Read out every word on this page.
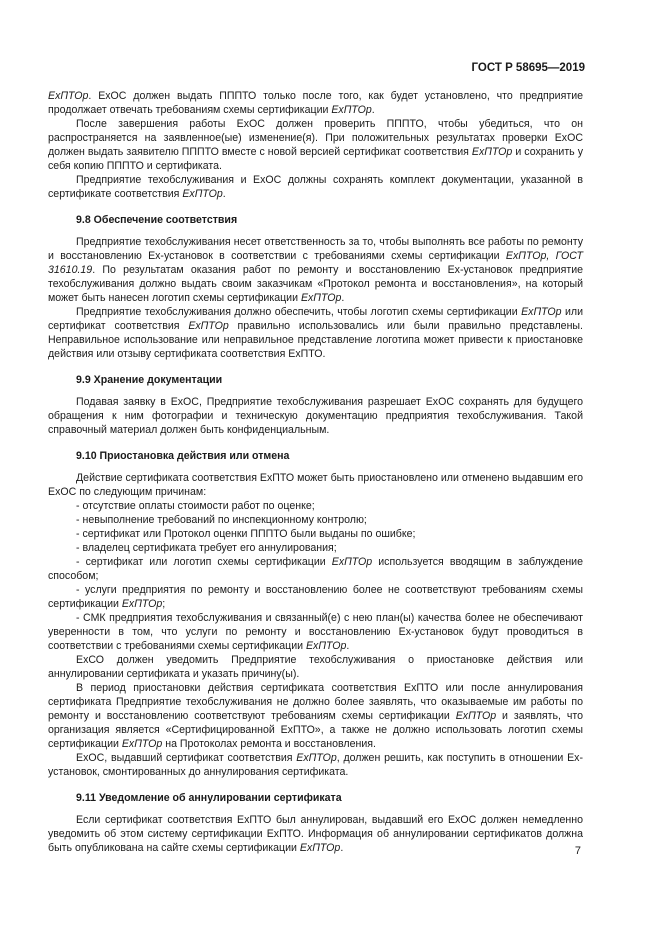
ГОСТ Р 58695—2019

ExПТОр. ExОС должен выдать ПППТО только после того, как будет установлено, что предприятие продолжает отвечать требованиям схемы сертификации ExПТОр.

После завершения работы ExОС должен проверить ПППТО, чтобы убедиться, что он распространяется на заявленное(ые) изменение(я). При положительных результатах проверки ExОС должен выдать заявителю ПППТО вместе с новой версией сертификат соответствия ExПТОр и сохранить у себя копию ПППТО и сертификата.

Предприятие техобслуживания и ExОС должны сохранять комплект документации, указанной в сертификате соответствия ExПТОр.

9.8 Обеспечение соответствия

Предприятие техобслуживания несет ответственность за то, чтобы выполнять все работы по ремонту и восстановлению Ех-установок в соответствии с требованиями схемы сертификации ExПТОр, ГОСТ 31610.19. По результатам оказания работ по ремонту и восстановлению Ех-установок предприятие техобслуживания должно выдать своим заказчикам «Протокол ремонта и восстановления», на который может быть нанесен логотип схемы сертификации ExПТОр.

Предприятие техобслуживания должно обеспечить, чтобы логотип схемы сертификации ExПТОр или сертификат соответствия ExПТОр правильно использовались или были правильно представлены. Неправильное использование или неправильное представление логотипа может привести к приостановке действия или отзыву сертификата соответствия ExПТО.

9.9 Хранение документации

Подавая заявку в ExОС, Предприятие техобслуживания разрешает ExОС сохранять для будущего обращения к ним фотографии и техническую документацию предприятия техобслуживания. Такой справочный материал должен быть конфиденциальным.

9.10 Приостановка действия или отмена

Действие сертификата соответствия ExПТО может быть приостановлено или отменено выдавшим его ExОС по следующим причинам:

- отсутствие оплаты стоимости работ по оценке;

- невыполнение требований по инспекционному контролю;

- сертификат или Протокол оценки ПППТО были выданы по ошибке;

- владелец сертификата требует его аннулирования;

- сертификат или логотип схемы сертификации ExПТОр используется вводящим в заблуждение способом;

- услуги предприятия по ремонту и восстановлению более не соответствуют требованиям схемы сертификации ExПТОр;

- СМК предприятия техобслуживания и связанный(е) с нею план(ы) качества более не обеспечивают уверенности в том, что услуги по ремонту и восстановлению Ех-установок будут проводиться в соответствии с требованиями схемы сертификации ExПТОр.

ExСО должен уведомить Предприятие техобслуживания о приостановке действия или аннулировании сертификата и указать причину(ы).

В период приостановки действия сертификата соответствия ExПТО или после аннулирования сертификата Предприятие техобслуживания не должно более заявлять, что оказываемые им работы по ремонту и восстановлению соответствуют требованиям схемы сертификации ExПТОр и заявлять, что организация является «Сертифицированной ExПТО», а также не должно использовать логотип схемы сертификации ExПТОр на Протоколах ремонта и восстановления.

ExОС, выдавший сертификат соответствия ExПТОр, должен решить, как поступить в отношении Ех-установок, смонтированных до аннулирования сертификата.

9.11 Уведомление об аннулировании сертификата

Если сертификат соответствия ExПТО был аннулирован, выдавший его ExОС должен немедленно уведомить об этом систему сертификации ExПТО. Информация об аннулировании сертификатов должна быть опубликована на сайте схемы сертификации ExПТОр.	7
